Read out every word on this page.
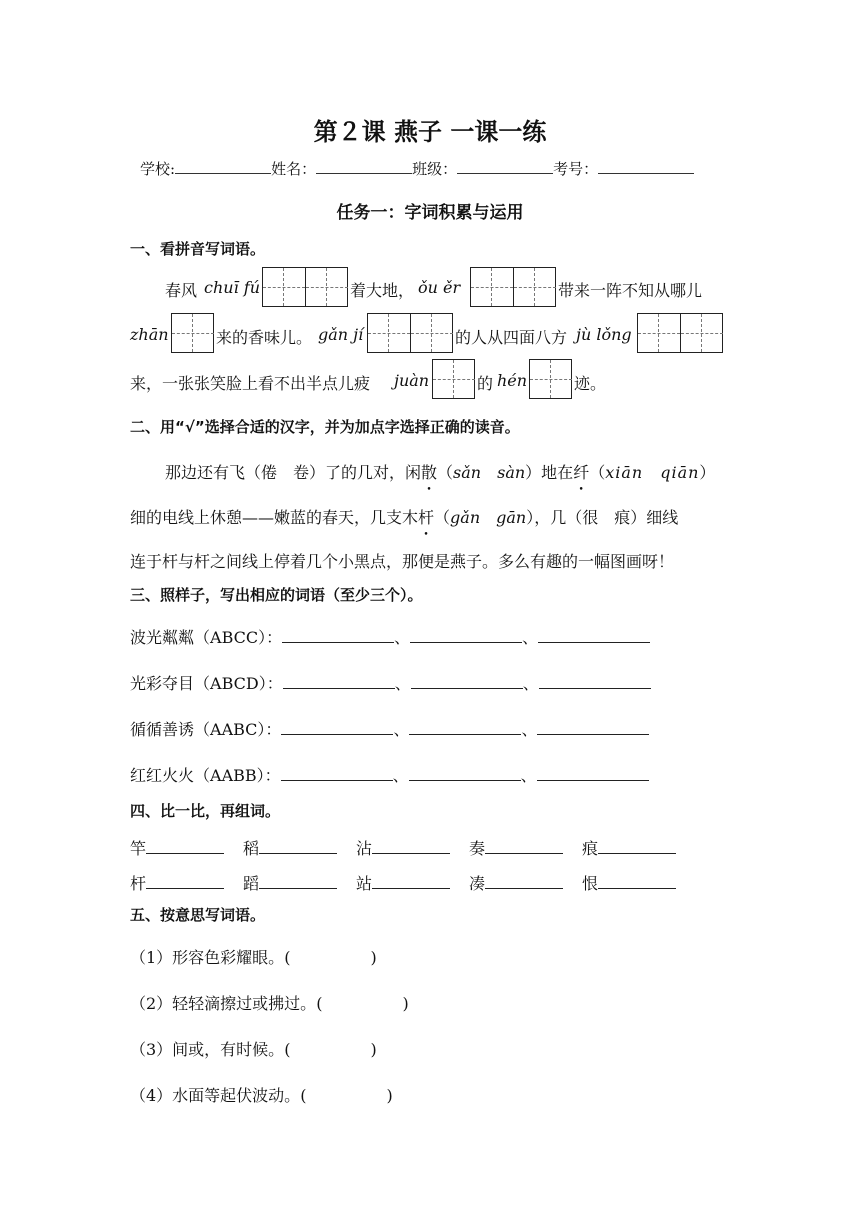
第２课 燕子 一课一练
学校:	姓名：	班级：	考号：
任务一：字词积累与运用
一、看拼音写词语。
春风 chuī fú	着大地， ǒu ěr	带来一阵不知从哪儿
zhān	来的香味儿。 gǎn jí	的人从四面八方 jù lǒng
来，一张张笑脸上看不出半点儿疲 juàn	的 hén	迹。
二、用“√”选择合适的汉字，并为加点字选择正确的读音。
那边还有飞（倦　卷）了的几对，闲散（sǎn　sàn）地在纤（xiān　qiān）
细的电线上休憩——嫩蓝的春天，几支木杆（gǎn　gān），几（很　痕）细线
连于杆与杆之间线上停着几个小黑点，那便是燕子。多么有趣的一幅图画呀！
三、照样子，写出相应的词语（至少三个）。
波光粼粼（ABCC）：	、	、
光彩夺目（ABCD）：	、	、
循循善诱（AABC）：	、	、
红红火火（AABB）：	、	、
四、比一比，再组词。
竿	稻	沾	奏	痕
杆	蹈	站	凑	恨
五、按意思写词语。
（1）形容色彩耀眼。(	)
（2）轻轻滴擦过或拂过。(	)
（3）间或，有时候。(	)
（4）水面等起伏波动。(	)
